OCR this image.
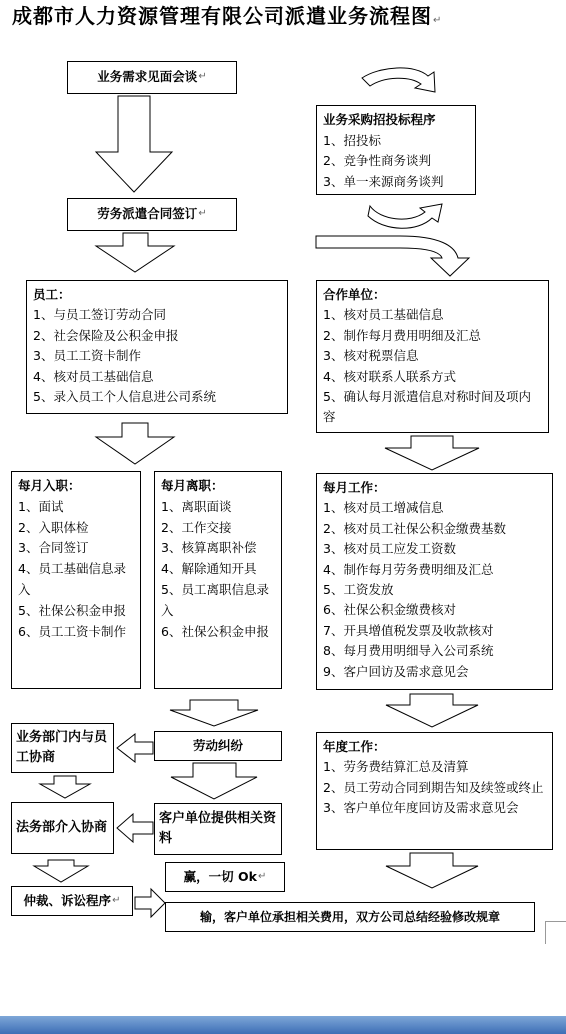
成都市人力资源管理有限公司派遣业务流程图↵
业务需求见面会谈 ↵
业务采购招投标程序
1、招投标
2、竞争性商务谈判
3、单一来源商务谈判
劳务派遣合同签订 ↵
员工：
1、与员工签订劳动合同
2、社会保险及公积金申报
3、员工工资卡制作
4、核对员工基础信息
5、录入员工个人信息进公司系统
合作单位：
1、核对员工基础信息
2、制作每月费用明细及汇总
3、核对税票信息
4、核对联系人联系方式
5、确认每月派遣信息对称时间及项内容
每月入职：
1、面试
2、入职体检
3、合同签订
4、员工基础信息录入
5、社保公积金申报
6、员工工资卡制作
每月离职：
1、离职面谈
2、工作交接
3、核算离职补偿
4、解除通知开具
5、员工离职信息录入
6、社保公积金申报
每月工作：
1、核对员工增减信息
2、核对员工社保公积金缴费基数
3、核对员工应发工资数
4、制作每月劳务费明细及汇总
5、工资发放
6、社保公积金缴费核对
7、开具增值税发票及收款核对
8、每月费用明细导入公司系统
9、客户回访及需求意见会
业务部门内与员工协商
劳动纠纷
法务部介入协商
客户单位提供相关资料
年度工作：
1、劳务费结算汇总及清算
2、员工劳动合同到期告知及续签或终止
3、客户单位年度回访及需求意见会
赢，一切 Ok ↵
仲裁、诉讼程序 ↵
输，客户单位承担相关费用，双方公司总结经验修改规章
